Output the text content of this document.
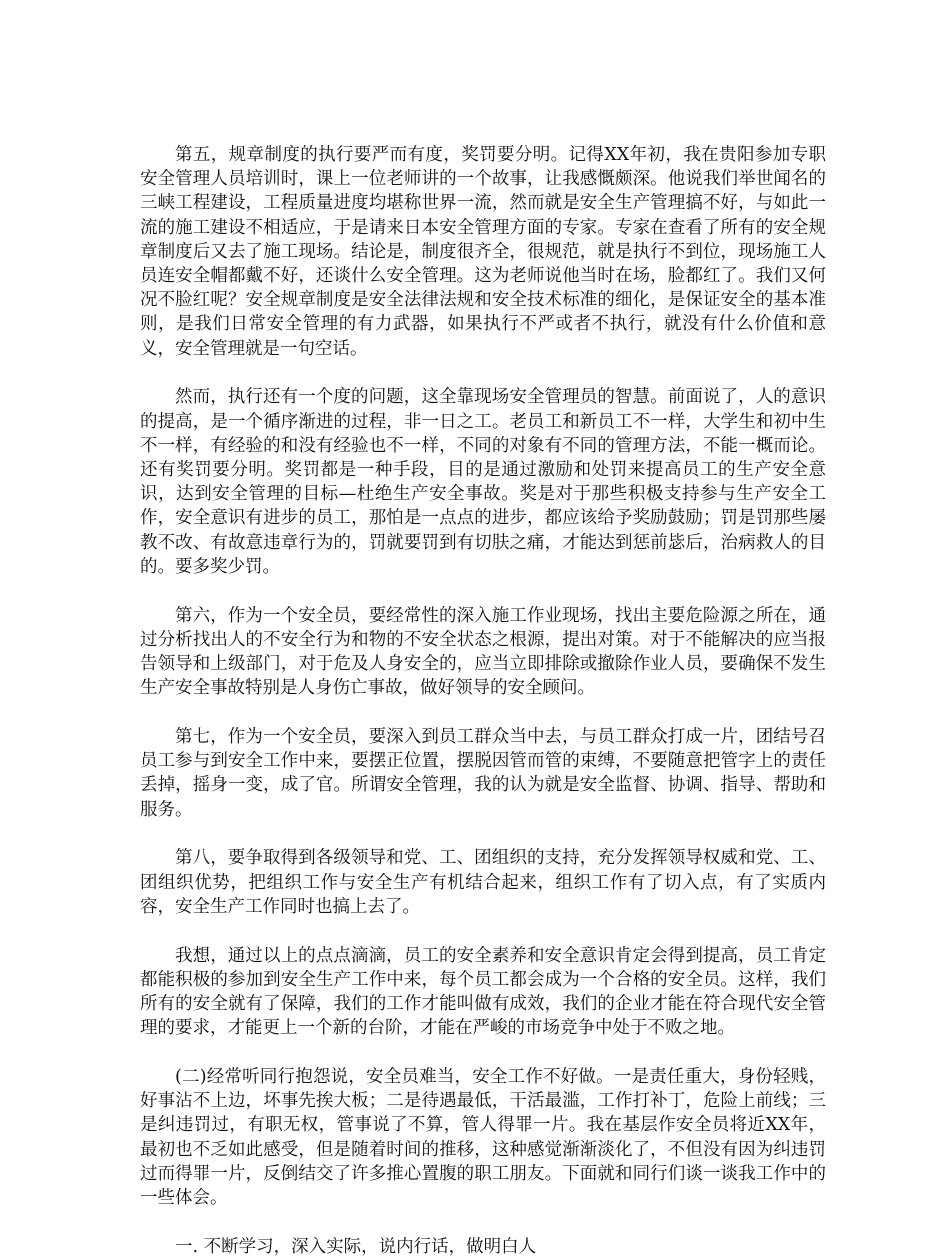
第五，规章制度的执行要严而有度，奖罚要分明。记得XX年初，我在贵阳参加专职安全管理人员培训时，课上一位老师讲的一个故事，让我感慨颇深。他说我们举世闻名的三峡工程建设，工程质量进度均堪称世界一流，然而就是安全生产管理搞不好，与如此一流的施工建设不相适应，于是请来日本安全管理方面的专家。专家在查看了所有的安全规章制度后又去了施工现场。结论是，制度很齐全，很规范，就是执行不到位，现场施工人员连安全帽都戴不好，还谈什么安全管理。这为老师说他当时在场，脸都红了。我们又何况不脸红呢？安全规章制度是安全法律法规和安全技术标准的细化，是保证安全的基本准则，是我们日常安全管理的有力武器，如果执行不严或者不执行，就没有什么价值和意义，安全管理就是一句空话。

然而，执行还有一个度的问题，这全靠现场安全管理员的智慧。前面说了，人的意识的提高，是一个循序渐进的过程，非一日之工。老员工和新员工不一样，大学生和初中生不一样，有经验的和没有经验也不一样，不同的对象有不同的管理方法，不能一概而论。还有奖罚要分明。奖罚都是一种手段，目的是通过激励和处罚来提高员工的生产安全意识，达到安全管理的目标—杜绝生产安全事故。奖是对于那些积极支持参与生产安全工作，安全意识有进步的员工，那怕是一点点的进步，都应该给予奖励鼓励；罚是罚那些屡教不改、有故意违章行为的，罚就要罚到有切肤之痛，才能达到惩前毖后，治病救人的目的。要多奖少罚。

第六，作为一个安全员，要经常性的深入施工作业现场，找出主要危险源之所在，通过分析找出人的不安全行为和物的不安全状态之根源，提出对策。对于不能解决的应当报告领导和上级部门，对于危及人身安全的，应当立即排除或撤除作业人员，要确保不发生生产安全事故特别是人身伤亡事故，做好领导的安全顾问。

第七，作为一个安全员，要深入到员工群众当中去，与员工群众打成一片，团结号召员工参与到安全工作中来，要摆正位置，摆脱因管而管的束缚，不要随意把管字上的责任丢掉，摇身一变，成了官。所谓安全管理，我的认为就是安全监督、协调、指导、帮助和服务。

第八，要争取得到各级领导和党、工、团组织的支持，充分发挥领导权威和党、工、团组织优势，把组织工作与安全生产有机结合起来，组织工作有了切入点，有了实质内容，安全生产工作同时也搞上去了。

我想，通过以上的点点滴滴，员工的安全素养和安全意识肯定会得到提高，员工肯定都能积极的参加到安全生产工作中来，每个员工都会成为一个合格的安全员。这样，我们所有的安全就有了保障，我们的工作才能叫做有成效，我们的企业才能在符合现代安全管理的要求，才能更上一个新的台阶，才能在严峻的市场竞争中处于不败之地。

(二)经常听同行抱怨说，安全员难当，安全工作不好做。一是责任重大，身份轻贱，好事沾不上边，坏事先挨大板；二是待遇最低，干活最滥，工作打补丁，危险上前线；三是纠违罚过，有职无权，管事说了不算，管人得罪一片。我在基层作安全员将近XX年，最初也不乏如此感受，但是随着时间的推移，这种感觉渐渐淡化了，不但没有因为纠违罚过而得罪一片，反倒结交了许多推心置腹的职工朋友。下面就和同行们谈一谈我工作中的一些体会。

一. 不断学习，深入实际，说内行话，做明白人
